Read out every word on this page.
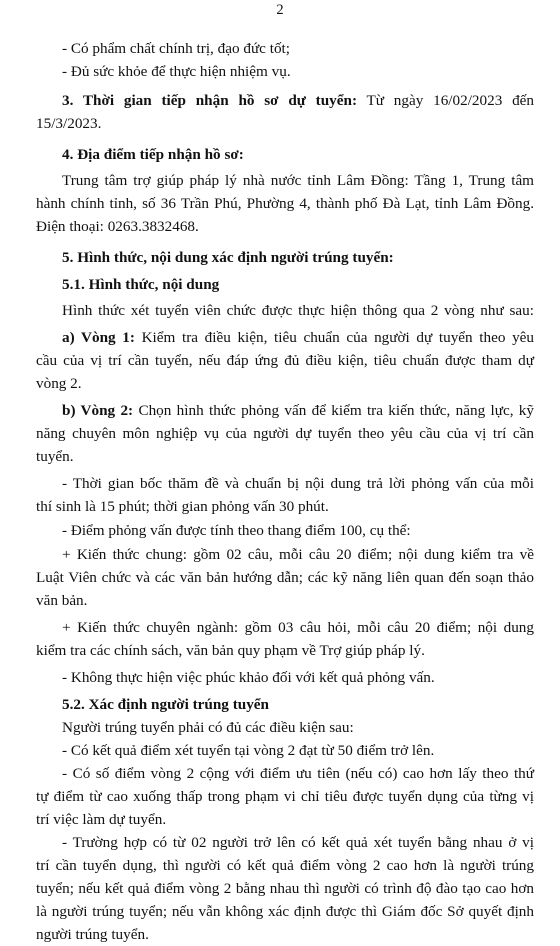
2
- Có phẩm chất chính trị, đạo đức tốt;
- Đủ sức khỏe để thực hiện nhiệm vụ.
3. Thời gian tiếp nhận hồ sơ dự tuyển: Từ ngày 16/02/2023 đến
15/3/2023.
4. Địa điểm tiếp nhận hồ sơ:
Trung tâm trợ giúp pháp lý nhà nước tỉnh Lâm Đồng: Tầng 1, Trung tâm
hành chính tỉnh, số 36 Trần Phú, Phường 4, thành phố Đà Lạt, tỉnh Lâm Đồng.
Điện thoại: 0263.3832468.
5. Hình thức, nội dung xác định người trúng tuyển:
5.1. Hình thức, nội dung
Hình thức xét tuyển viên chức được thực hiện thông qua 2 vòng như sau:
a) Vòng 1: Kiểm tra điều kiện, tiêu chuẩn của người dự tuyển theo yêu
cầu của vị trí cần tuyển, nếu đáp ứng đủ điều kiện, tiêu chuẩn được tham dự
vòng 2.
b) Vòng 2: Chọn hình thức phỏng vấn để kiểm tra kiến thức, năng lực, kỹ
năng chuyên môn nghiệp vụ của người dự tuyển theo yêu cầu của vị trí cần
tuyển.
- Thời gian bốc thăm đề và chuẩn bị nội dung trả lời phỏng vấn của mỗi
thí sinh là 15 phút; thời gian phỏng vấn 30 phút.
- Điểm phỏng vấn được tính theo thang điểm 100, cụ thể:
+ Kiến thức chung: gồm 02 câu, mỗi câu 20 điểm; nội dung kiểm tra về
Luật Viên chức và các văn bản hướng dẫn; các kỹ năng liên quan đến soạn thảo
văn bản.
+ Kiến thức chuyên ngành: gồm 03 câu hỏi, mỗi câu 20 điểm; nội dung
kiểm tra các chính sách, văn bản quy phạm về Trợ giúp pháp lý.
- Không thực hiện việc phúc khảo đối với kết quả phỏng vấn.
5.2. Xác định người trúng tuyển
Người trúng tuyển phải có đủ các điều kiện sau:
- Có kết quả điểm xét tuyển tại vòng 2 đạt từ 50 điểm trở lên.
- Có số điểm vòng 2 cộng với điểm ưu tiên (nếu có) cao hơn lấy theo thứ
tự điểm từ cao xuống thấp trong phạm vi chỉ tiêu được tuyển dụng của từng vị
trí việc làm dự tuyển.
- Trường hợp có từ 02 người trở lên có kết quả xét tuyển bằng nhau ở vị
trí cần tuyển dụng, thì người có kết quả điểm vòng 2 cao hơn là người trúng
tuyển; nếu kết quả điểm vòng 2 bằng nhau thì người có trình độ đào tạo cao hơn
là người trúng tuyển; nếu vẫn không xác định được thì Giám đốc Sở quyết định
người trúng tuyển.
